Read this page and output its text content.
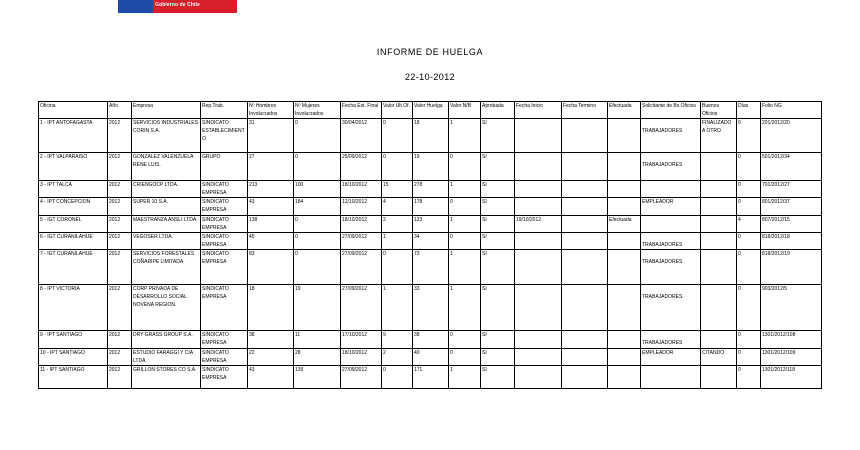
Gobierno de Chile
INFORME DE HUELGA
22-10-2012
Oficina	Año	Empresa	Rep.Trab.	Nº Hombres Involucrados	Nº Mujeres Involucrados	Fecha Est. Final	Valor Ult.Of.	Valor Huelga	Valor N/B	Aprobada	Fecha Inicio	Fecha Termino	Efectuada	Solicitante de Bs.Oficios	Buenos Oficios	Días	Folio NG
1 - IPT ANTOFAGASTA	2012	SERVICIOS INDUSTRIALES CORIN S.A.	SINDICATO ESTABLECIMIENTO	31	0	30/04/2012	0	18	1	SI				TRABAJADORES	FINALIZADO A OTRO	0	201/2012/20
2 - IPT VALPARAISO	2012	GONZALEZ VALENZUELA RENE LUIS.	GRUPO	27	0	25/09/2012	0	19	0	SI				TRABAJADORES		0	501/2012/34
3 - IPT TALCA	2012	CRIENGOCP LTDA.	SINDICATO EMPRESA	213	100	18/10/2012	15	278	1	SI						0	701/2012/27
4 - IPT CONCEPCION	2012	SUPER 10 S.A.	SINDICATO EMPRESA	43	184	12/10/2012	4	178	0	SI				EMPLEADOR		0	801/2012/37
5 - IGT CORONEL	2012	MAESTRANZA ANSLI LTDA.	SINDICATO EMPRESA	138	0	18/10/2012	2	123	1	SI	19/10/2012		Efectuada			4	807/2012/15
6 - IGT CURANILAHUE	2012	VEGOSER LTDA.	SINDICATO EMPRESA	45	0	27/09/2012	1	34	0	SI				TRABAJADORES		0	818/2012/18
7 - IGT CURANILAHUE	2012	SERVICIOS FORESTALES COÑARIPE LIMITADA.	SINDICATO EMPRESA	83	0	27/09/2012	0	73	1	SI				TRABAJADORES		0	818/2012/19
8 - IPT VICTORIA	2012	CORP PRIVADA DE DESARROLLO SOCIAL NOVENA REGION.	SINDICATO EMPRESA	18	19	27/09/2012	1	33	1	SI				TRABAJADORES		0	903/2012/5
9 - IPT SANTIAGO	2012	DRY GRASS GROUP S.A.	SINDICATO EMPRESA	38	11	17/10/2012	9	38	0	SI				TRABAJADORES		0	1301/2012/108
10 - IPT SANTIAGO	2012	ESTUDIO FARAGGI Y CIA LTDA.	SINDICATO EMPRESA	22	28	18/10/2012	2	40	0	SI				EMPLEADOR	CITANDO	0	1301/2012/109
11 - IPT SANTIAGO	2012	GRILLON STORES CO S.A.	SINDICATO EMPRESA	43	139	27/09/2012	0	171	1	SI						0	1301/2012/118
